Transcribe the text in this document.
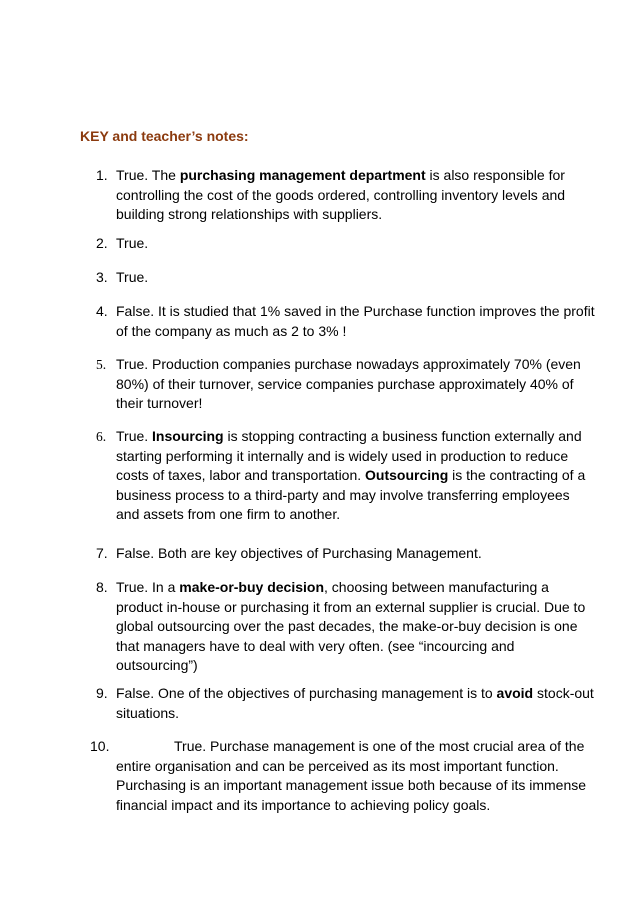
KEY and teacher’s notes:
1. True. The purchasing management department is also responsible for controlling the cost of the goods ordered, controlling inventory levels and building strong relationships with suppliers.
2. True.
3. True.
4. False. It is studied that 1% saved in the Purchase function improves the profit of the company as much as 2 to 3% !
5. True. Production companies purchase nowadays approximately 70% (even 80%) of their turnover, service companies purchase approximately 40% of their turnover!
6. True. Insourcing is stopping contracting a business function externally and starting performing it internally and is widely used in production to reduce costs of taxes, labor and transportation. Outsourcing is the contracting of a business process to a third-party and may involve transferring employees and assets from one firm to another.
7. False. Both are key objectives of Purchasing Management.
8. True. In a make-or-buy decision, choosing between manufacturing a product in-house or purchasing it from an external supplier is crucial. Due to global outsourcing over the past decades, the make-or-buy decision is one that managers have to deal with very often. (see “incourcing and outsourcing”)
9. False. One of the objectives of purchasing management is to avoid stock-out situations.
10.	True. Purchase management is one of the most crucial area of the entire organisation and can be perceived as its most important function. Purchasing is an important management issue both because of its immense financial impact and its importance to achieving policy goals.
